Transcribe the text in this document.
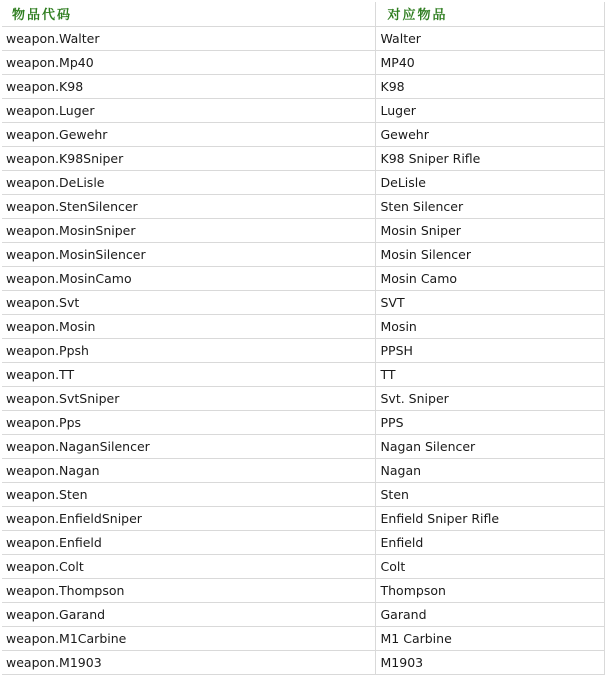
物品代码	对应物品
weapon.Walter	Walter
weapon.Mp40	MP40
weapon.K98	K98
weapon.Luger	Luger
weapon.Gewehr	Gewehr
weapon.K98Sniper	K98 Sniper Rifle
weapon.DeLisle	DeLisle
weapon.StenSilencer	Sten Silencer
weapon.MosinSniper	Mosin Sniper
weapon.MosinSilencer	Mosin Silencer
weapon.MosinCamo	Mosin Camo
weapon.Svt	SVT
weapon.Mosin	Mosin
weapon.Ppsh	PPSH
weapon.TT	TT
weapon.SvtSniper	Svt. Sniper
weapon.Pps	PPS
weapon.NaganSilencer	Nagan Silencer
weapon.Nagan	Nagan
weapon.Sten	Sten
weapon.EnfieldSniper	Enfield Sniper Rifle
weapon.Enfield	Enfield
weapon.Colt	Colt
weapon.Thompson	Thompson
weapon.Garand	Garand
weapon.M1Carbine	M1 Carbine
weapon.M1903	M1903
